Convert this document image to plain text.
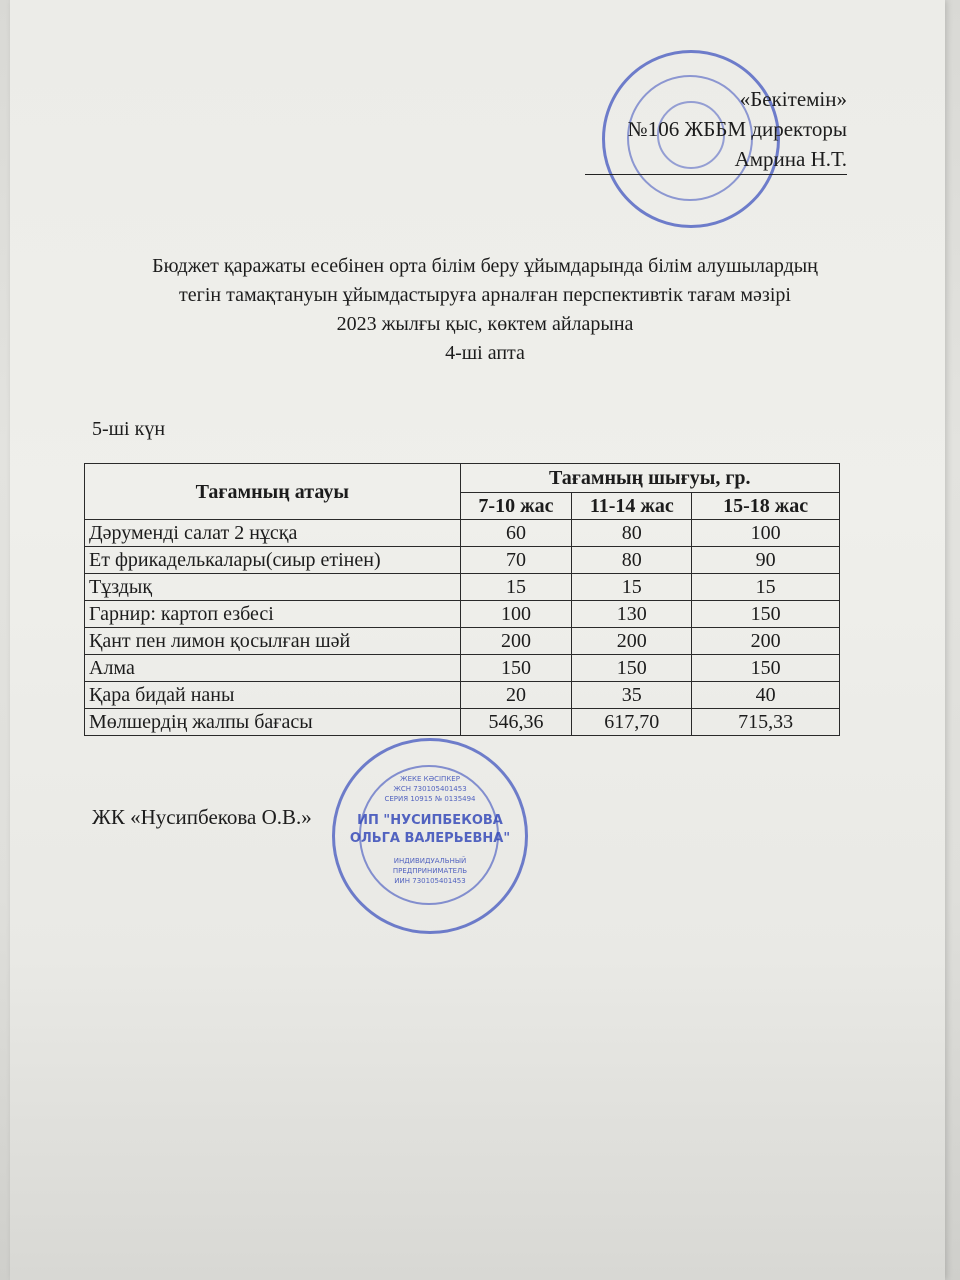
«Бекітемін»
№106 ЖББМ директоры
Амрина Н.Т.
Бюджет қаражаты есебінен орта білім беру ұйымдарында білім алушылардың
тегін тамақтануын ұйымдастыруға арналған перспективтік тағам мәзірі
2023 жылғы қыс, көктем айларына
4-ші апта
5-ші күн
Тағамның атауы	Тағамның шығуы, гр.		
	7-10 жас	11-14 жас	15-18 жас
Дәруменді салат 2 нұсқа	60	80	100
Ет фрикаделькалары(сиыр етінен)	70	80	90
Тұздық	15	15	15
Гарнир: картоп езбесі	100	130	150
Қант пен лимон қосылған шәй	200	200	200
Алма	150	150	150
Қара бидай наны	20	35	40
Мөлшердің жалпы бағасы	546,36	617,70	715,33
ЖК «Нусипбекова О.В.»
ЖЕКЕ КӘСІПКЕР
ЖСН 730105401453
СЕРИЯ 10915 № 0135494
ИП "НУСИПБЕКОВА
ОЛЬГА ВАЛЕРЬЕВНА"
ИНДИВИДУАЛЬНЫЙ
ПРЕДПРИНИМАТЕЛЬ
ИИН 730105401453
